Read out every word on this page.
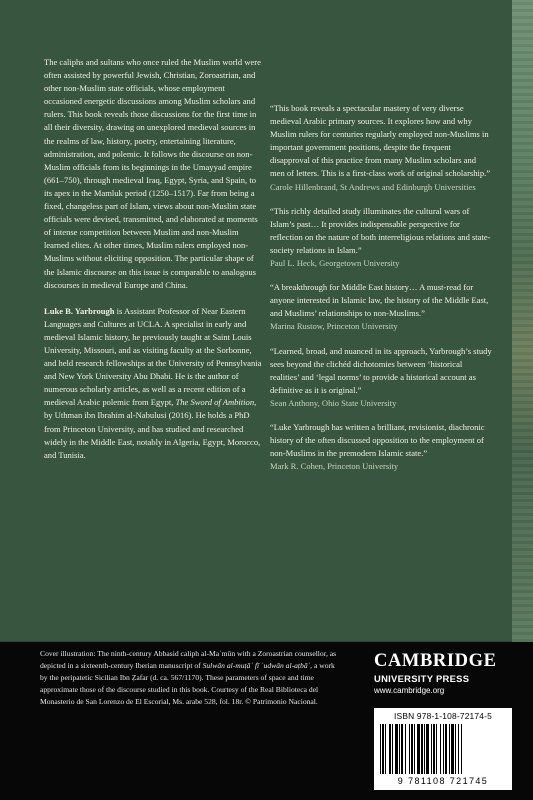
The caliphs and sultans who once ruled the Muslim world were often assisted by powerful Jewish, Christian, Zoroastrian, and other non-Muslim state officials, whose employment occasioned energetic discussions among Muslim scholars and rulers. This book reveals those discussions for the first time in all their diversity, drawing on unexplored medieval sources in the realms of law, history, poetry, entertaining literature, administration, and polemic. It follows the discourse on non-Muslim officials from its beginnings in the Umayyad empire (661–750), through medieval Iraq, Egypt, Syria, and Spain, to its apex in the Mamluk period (1250–1517). Far from being a fixed, changeless part of Islam, views about non-Muslim state officials were devised, transmitted, and elaborated at moments of intense competition between Muslim and non-Muslim learned elites. At other times, Muslim rulers employed non-Muslims without eliciting opposition. The particular shape of the Islamic discourse on this issue is comparable to analogous discourses in medieval Europe and China.

Luke B. Yarbrough is Assistant Professor of Near Eastern Languages and Cultures at UCLA. A specialist in early and medieval Islamic history, he previously taught at Saint Louis University, Missouri, and as visiting faculty at the Sorbonne, and held research fellowships at the University of Pennsylvania and New York University Abu Dhabi. He is the author of numerous scholarly articles, as well as a recent edition of a medieval Arabic polemic from Egypt, The Sword of Ambition, by Uthman ibn Ibrahim al-Nabulusi (2016). He holds a PhD from Princeton University, and has studied and researched widely in the Middle East, notably in Algeria, Egypt, Morocco, and Tunisia.

“This book reveals a spectacular mastery of very diverse medieval Arabic primary sources. It explores how and why Muslim rulers for centuries regularly employed non-Muslims in important government positions, despite the frequent disapproval of this practice from many Muslim scholars and men of letters. This is a first-class work of original scholarship.”
Carole Hillenbrand, St Andrews and Edinburgh Universities
“This richly detailed study illuminates the cultural wars of Islam’s past… It provides indispensable perspective for reflection on the nature of both interreligious relations and state-society relations in Islam.”
Paul L. Heck, Georgetown University
“A breakthrough for Middle East history… A must-read for anyone interested in Islamic law, the history of the Middle East, and Muslims’ relationships to non-Muslims.”
Marina Rustow, Princeton University
“Learned, broad, and nuanced in its approach, Yarbrough’s study sees beyond the clichéd dichotomies between ‘historical realities’ and ‘legal norms’ to provide a historical account as definitive as it is original.”
Sean Anthony, Ohio State University
“Luke Yarbrough has written a brilliant, revisionist, diachronic history of the often discussed opposition to the employment of non-Muslims in the premodern Islamic state.”
Mark R. Cohen, Princeton University

Cover illustration: The ninth-century Abbasid caliph al-Maʾmūn with a Zoroastrian counsellor, as depicted in a sixteenth-century Iberian manuscript of Sulwān al-muṭāʿ fī ʿudwān al-aṭbāʿ, a work by the peripatetic Sicilian Ibn Ẓafar (d. ca. 567/1170). These parameters of space and time approximate those of the discourse studied in this book. Courtesy of the Real Biblioteca del Monasterio de San Lorenzo de El Escorial, Ms. arabe 528, fol. 18r. © Patrimonio Nacional.

CAMBRIDGE
UNIVERSITY PRESS
www.cambridge.org
ISBN 978-1-108-72174-5
9 781108 721745
